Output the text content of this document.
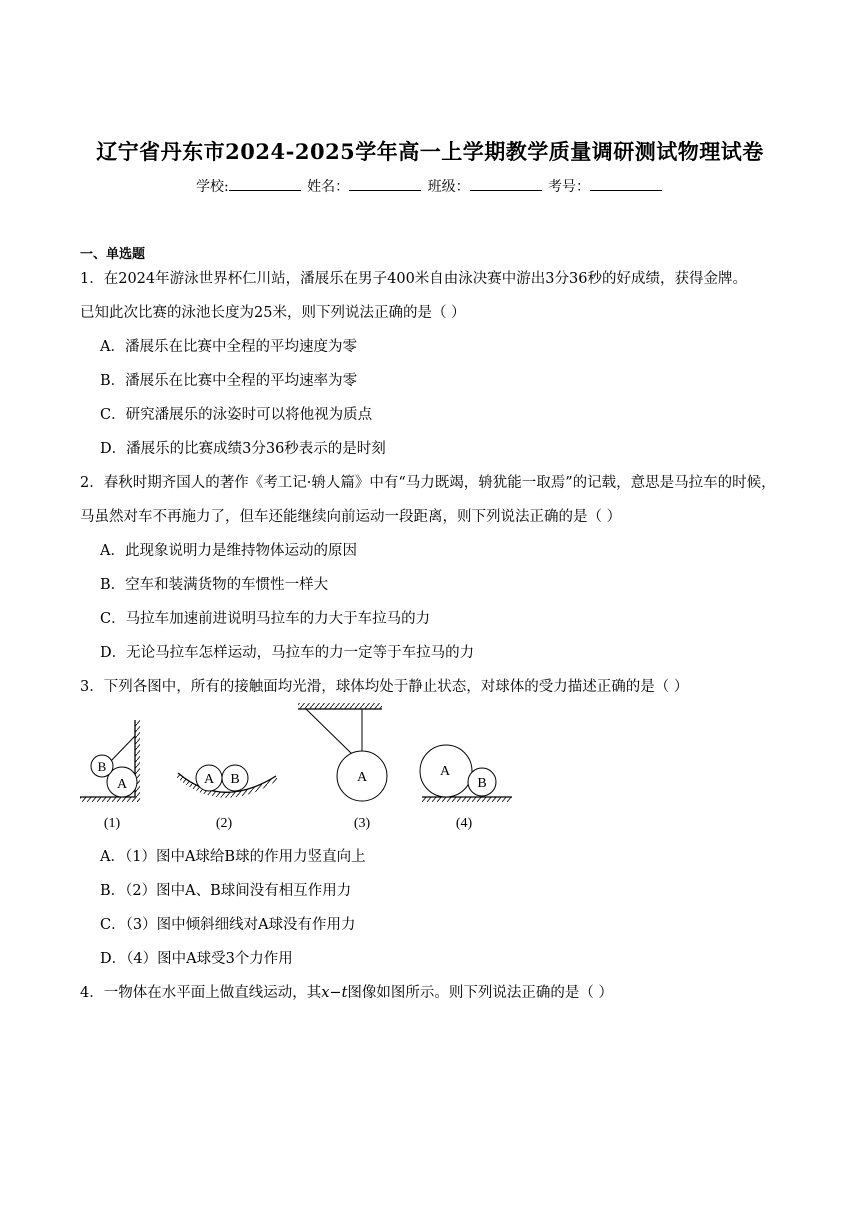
辽宁省丹东市2024-2025学年高一上学期教学质量调研测试物理试卷
学校:	姓名：	班级：	考号：
一、单选题
1．在2024年游泳世界杯仁川站，潘展乐在男子400米自由泳决赛中游出3分36秒的好成绩，获得金牌。
已知此次比赛的泳池长度为25米，则下列说法正确的是（ ）
A．潘展乐在比赛中全程的平均速度为零
B．潘展乐在比赛中全程的平均速率为零
C．研究潘展乐的泳姿时可以将他视为质点
D．潘展乐的比赛成绩3分36秒表示的是时刻
2．春秋时期齐国人的著作《考工记·辀人篇》中有“马力既竭，辀犹能一取焉”的记载，意思是马拉车的时候，
马虽然对车不再施力了，但车还能继续向前运动一段距离，则下列说法正确的是（ ）
A．此现象说明力是维持物体运动的原因
B．空车和装满货物的车惯性一样大
C．马拉车加速前进说明马拉车的力大于车拉马的力
D．无论马拉车怎样运动，马拉车的力一定等于车拉马的力
3．下列各图中，所有的接触面均光滑，球体均处于静止状态，对球体的受力描述正确的是（ ）
A
B
(1)
A B
(2)
A
(3)
A
B
(4)
A．（1）图中A球给B球的作用力竖直向上
B．（2）图中A、B球间没有相互作用力
C．（3）图中倾斜细线对A球没有作用力
D．（4）图中A球受3个力作用
4．一物体在水平面上做直线运动，其x−t图像如图所示。则下列说法正确的是（ ）
